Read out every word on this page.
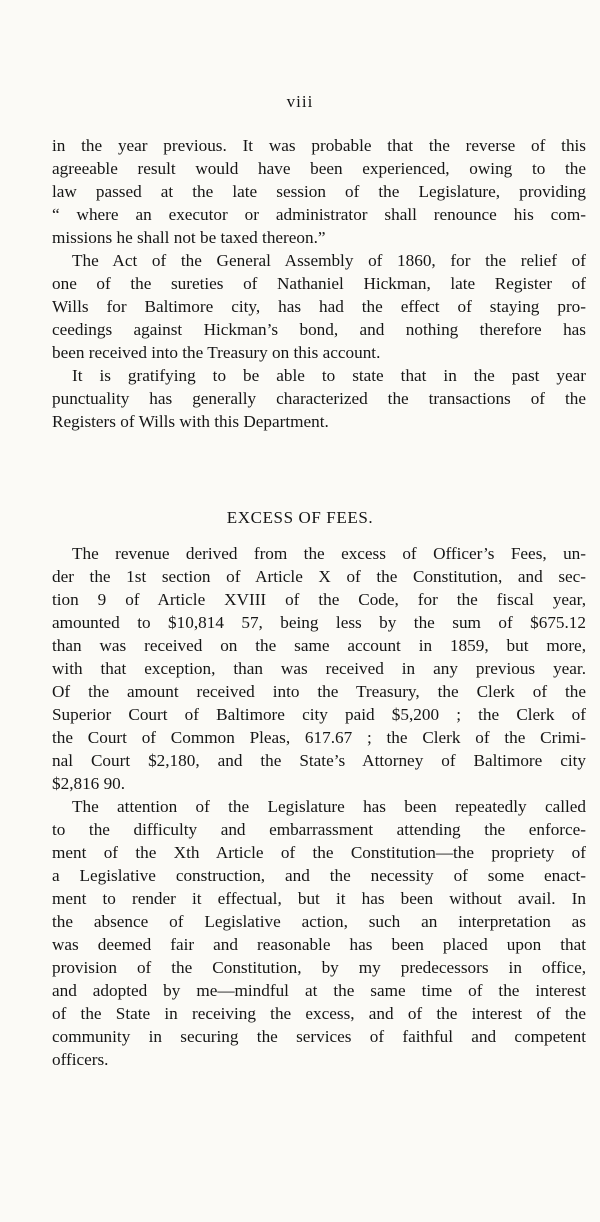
viii
in the year previous. It was probable that the reverse of this
agreeable result would have been experienced, owing to the
law passed at the late session of the Legislature, providing
“ where an executor or administrator shall renounce his com-
missions he shall not be taxed thereon.”
The Act of the General Assembly of 1860, for the relief of
one of the sureties of Nathaniel Hickman, late Register of
Wills for Baltimore city, has had the effect of staying pro-
ceedings against Hickman’s bond, and nothing therefore has
been received into the Treasury on this account.
It is gratifying to be able to state that in the past year
punctuality has generally characterized the transactions of the
Registers of Wills with this Department.
EXCESS OF FEES.
The revenue derived from the excess of Officer’s Fees, un-
der the 1st section of Article X of the Constitution, and sec-
tion 9 of Article XVIII of the Code, for the fiscal year,
amounted to $10,814 57, being less by the sum of $675.12
than was received on the same account in 1859, but more,
with that exception, than was received in any previous year.
Of the amount received into the Treasury, the Clerk of the
Superior Court of Baltimore city paid $5,200 ; the Clerk of
the Court of Common Pleas, 617.67 ; the Clerk of the Crimi-
nal Court $2,180, and the State’s Attorney of Baltimore city
$2,816 90.
The attention of the Legislature has been repeatedly called
to the difficulty and embarrassment attending the enforce-
ment of the Xth Article of the Constitution—the propriety of
a Legislative construction, and the necessity of some enact-
ment to render it effectual, but it has been without avail. In
the absence of Legislative action, such an interpretation as
was deemed fair and reasonable has been placed upon that
provision of the Constitution, by my predecessors in office,
and adopted by me—mindful at the same time of the interest
of the State in receiving the excess, and of the interest of the
community in securing the services of faithful and competent
officers.
